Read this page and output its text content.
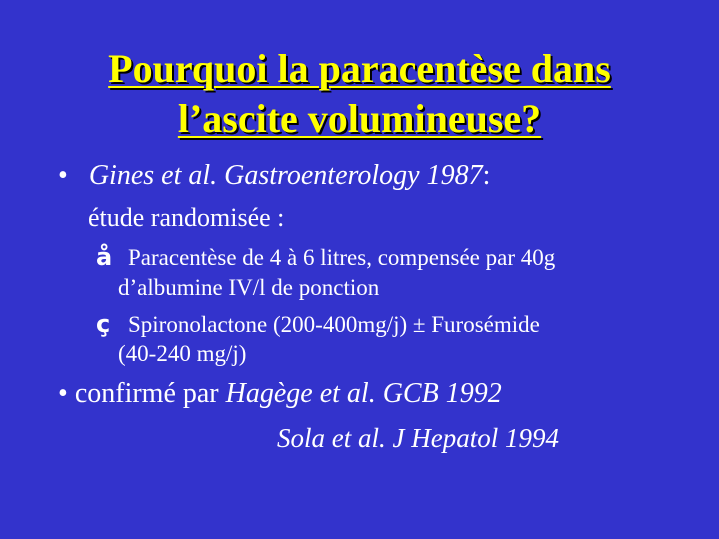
Pourquoi la paracentèse dans
l’ascite volumineuse?
• Gines et al. Gastroenterology 1987:
étude randomisée :
å Paracentèse de 4 à 6 litres, compensée par 40g
d’albumine IV/l de ponction
ç Spironolactone (200-400mg/j) ± Furosémide
(40-240 mg/j)
• confirmé par Hagège et al. GCB 1992
Sola et al. J Hepatol 1994
